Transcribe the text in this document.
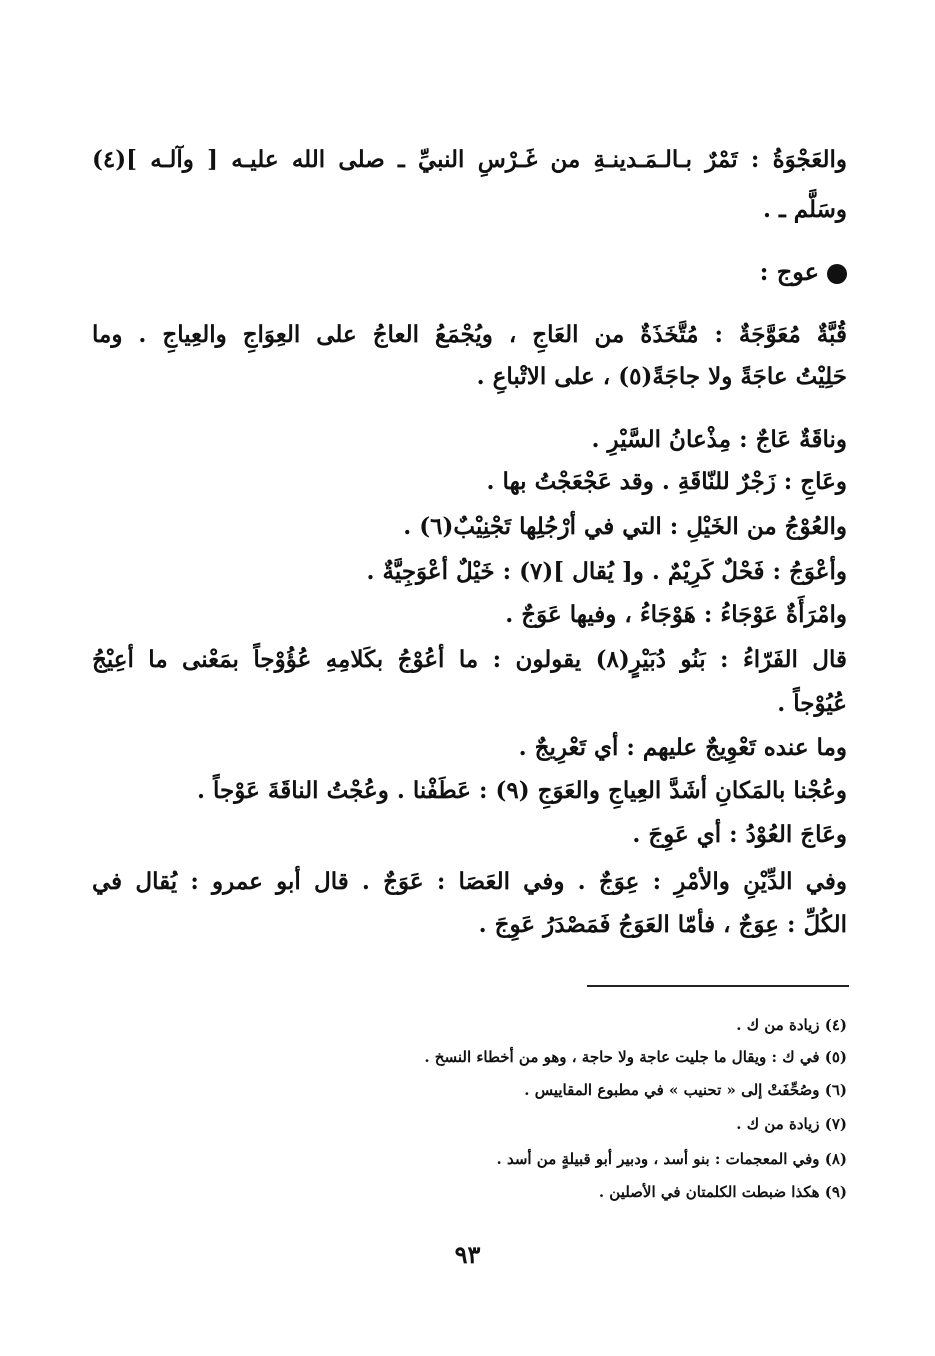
والعَجْوَةُ : تَمْرٌ بـالـمَـدينـةِ من غَـرْسِ النبيِّ ـ صلى الله عليـه [ وآلـه ](٤)
وسَلَّم ـ .
عوج :
قُبَّةٌ مُعَوَّجَةٌ : مُتَّخَذَةٌ من العَاجِ ، ويُجْمَعُ العاجُ على العِوَاجِ والعِياجِ . وما
حَلِيْتُ عاجَةً ولا جاجَةً(٥) ، على الاتْباعِ .
وناقَةٌ عَاجٌ : مِذْعانُ السَّيْرِ .
وعَاجِ : زَجْرٌ للنّاقَةِ . وقد عَجْعَجْتُ بها .
والعُوْجُ من الخَيْلِ : التي في أرْجُلِها تَجْنِيْبٌ(٦) .
وأعْوَجُ : فَحْلٌ كَرِيْمٌ . و[ يُقال ](٧) : خَيْلٌ أعْوَجِيَّةٌ .
وامْرَأَةٌ عَوْجَاءُ : هَوْجَاءُ ، وفيها عَوَجٌ .
قال الفَرّاءُ : بَنُو دُبَيْرٍ(٨) يقولون : ما أعُوْجُ بكَلامِهِ عُؤُوْجاً بمَعْنى ما أعِيْجُ
عُيُوْجاً .
وما عنده تَعْوِيجٌ عليهم : أي تَعْرِيجٌ .
وعُجْنا بالمَكانِ أشَدَّ العِياجِ والعَوَجِ (٩) : عَطَفْنا . وعُجْتُ الناقَةَ عَوْجاً .
وعَاجَ العُوْدُ : أي عَوِجَ .
وفي الدِّيْنِ والأمْرِ : عِوَجٌ . وفي العَصَا : عَوَجٌ . قال أبو عمرو : يُقال في
الكُلِّ : عِوَجٌ ، فأمّا العَوَجُ فَمَصْدَرُ عَوِجَ .
(٤) زيادة من ك .
(٥) في ك : ويقال ما جليت عاجة ولا حاجة ، وهو من أخطاء النسخ .
(٦) وصُحِّفَتْ إلى « تحنيب » في مطبوع المقاييس .
(٧) زيادة من ك .
(٨) وفي المعجمات : بنو أسد ، ودبير أبو قبيلةٍ من أسد .
(٩) هكذا ضبطت الكلمتان في الأصلين .
٩٣
